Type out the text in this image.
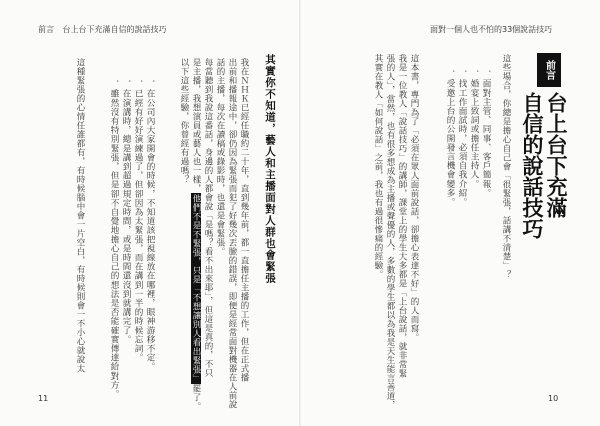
前言 台上台下充滿自信的說話技巧
其實你不知道，藝人和主播面對人群也會緊張
我在ＮＨＫ已經任職約二十年，直到幾年前，都一直擔任主播的工作，但在正式播
出前和播報途中，卻仍因為緊張而犯了好幾次丟臉的錯誤，即便是經常面對機器在人前說
話的主播，每次在讀稿或錄影時，也還是會緊張。
每當聽到我說這番話，身邊的人都會說「是嗎？看不出來耶」，但這是真的，不只
是主播，我想演員或藝人也一樣，他們不是不緊張，只是「不想讓別人看出緊張」罷了。
以下這些經驗，你曾經有過嗎？
．在公司內大家開會的時候，不知道該把視線放在哪裡，眼神游移不定。
．已經有好好演練過了，但卻因為太緊張，而在講到一半的時候忘詞。
．在演講時，總是講到超過規定時間，或是時間還沒到就講完了。
．雖然沒有特別緊張，但是卻不自覺地擔心自己的想法是否能確實傳達給對方。
這種緊張的心情任誰都有，有時候腦中會一片空白，有時候則會一不小心就說太
11
面對一個人也不怕的33個說話技巧
前言
台上台下充滿
自信的說話技巧
這些場合，你總是擔心自己會「很緊張，話講不清楚」？
．面對主管、同事、客戶簡報。
．婚宴上致詞或擔任主持人。
．找工作面試時，必須自我介紹。
．受邀上台的公開發言機會變多。
這本書，專門為了「必須在眾人面前說話，卻擔心表達不好」的人而寫。
我是一位教人「說話技巧」的講師，課堂上的學生大多都是「上台說話，就非常緊
張的人」，當然，也有很多想成為主播或聲優的人，多數的學生都以為我是天生能言善道，
其實在教人「如何說話」之前，我也有過很慘痛的經驗。
10
